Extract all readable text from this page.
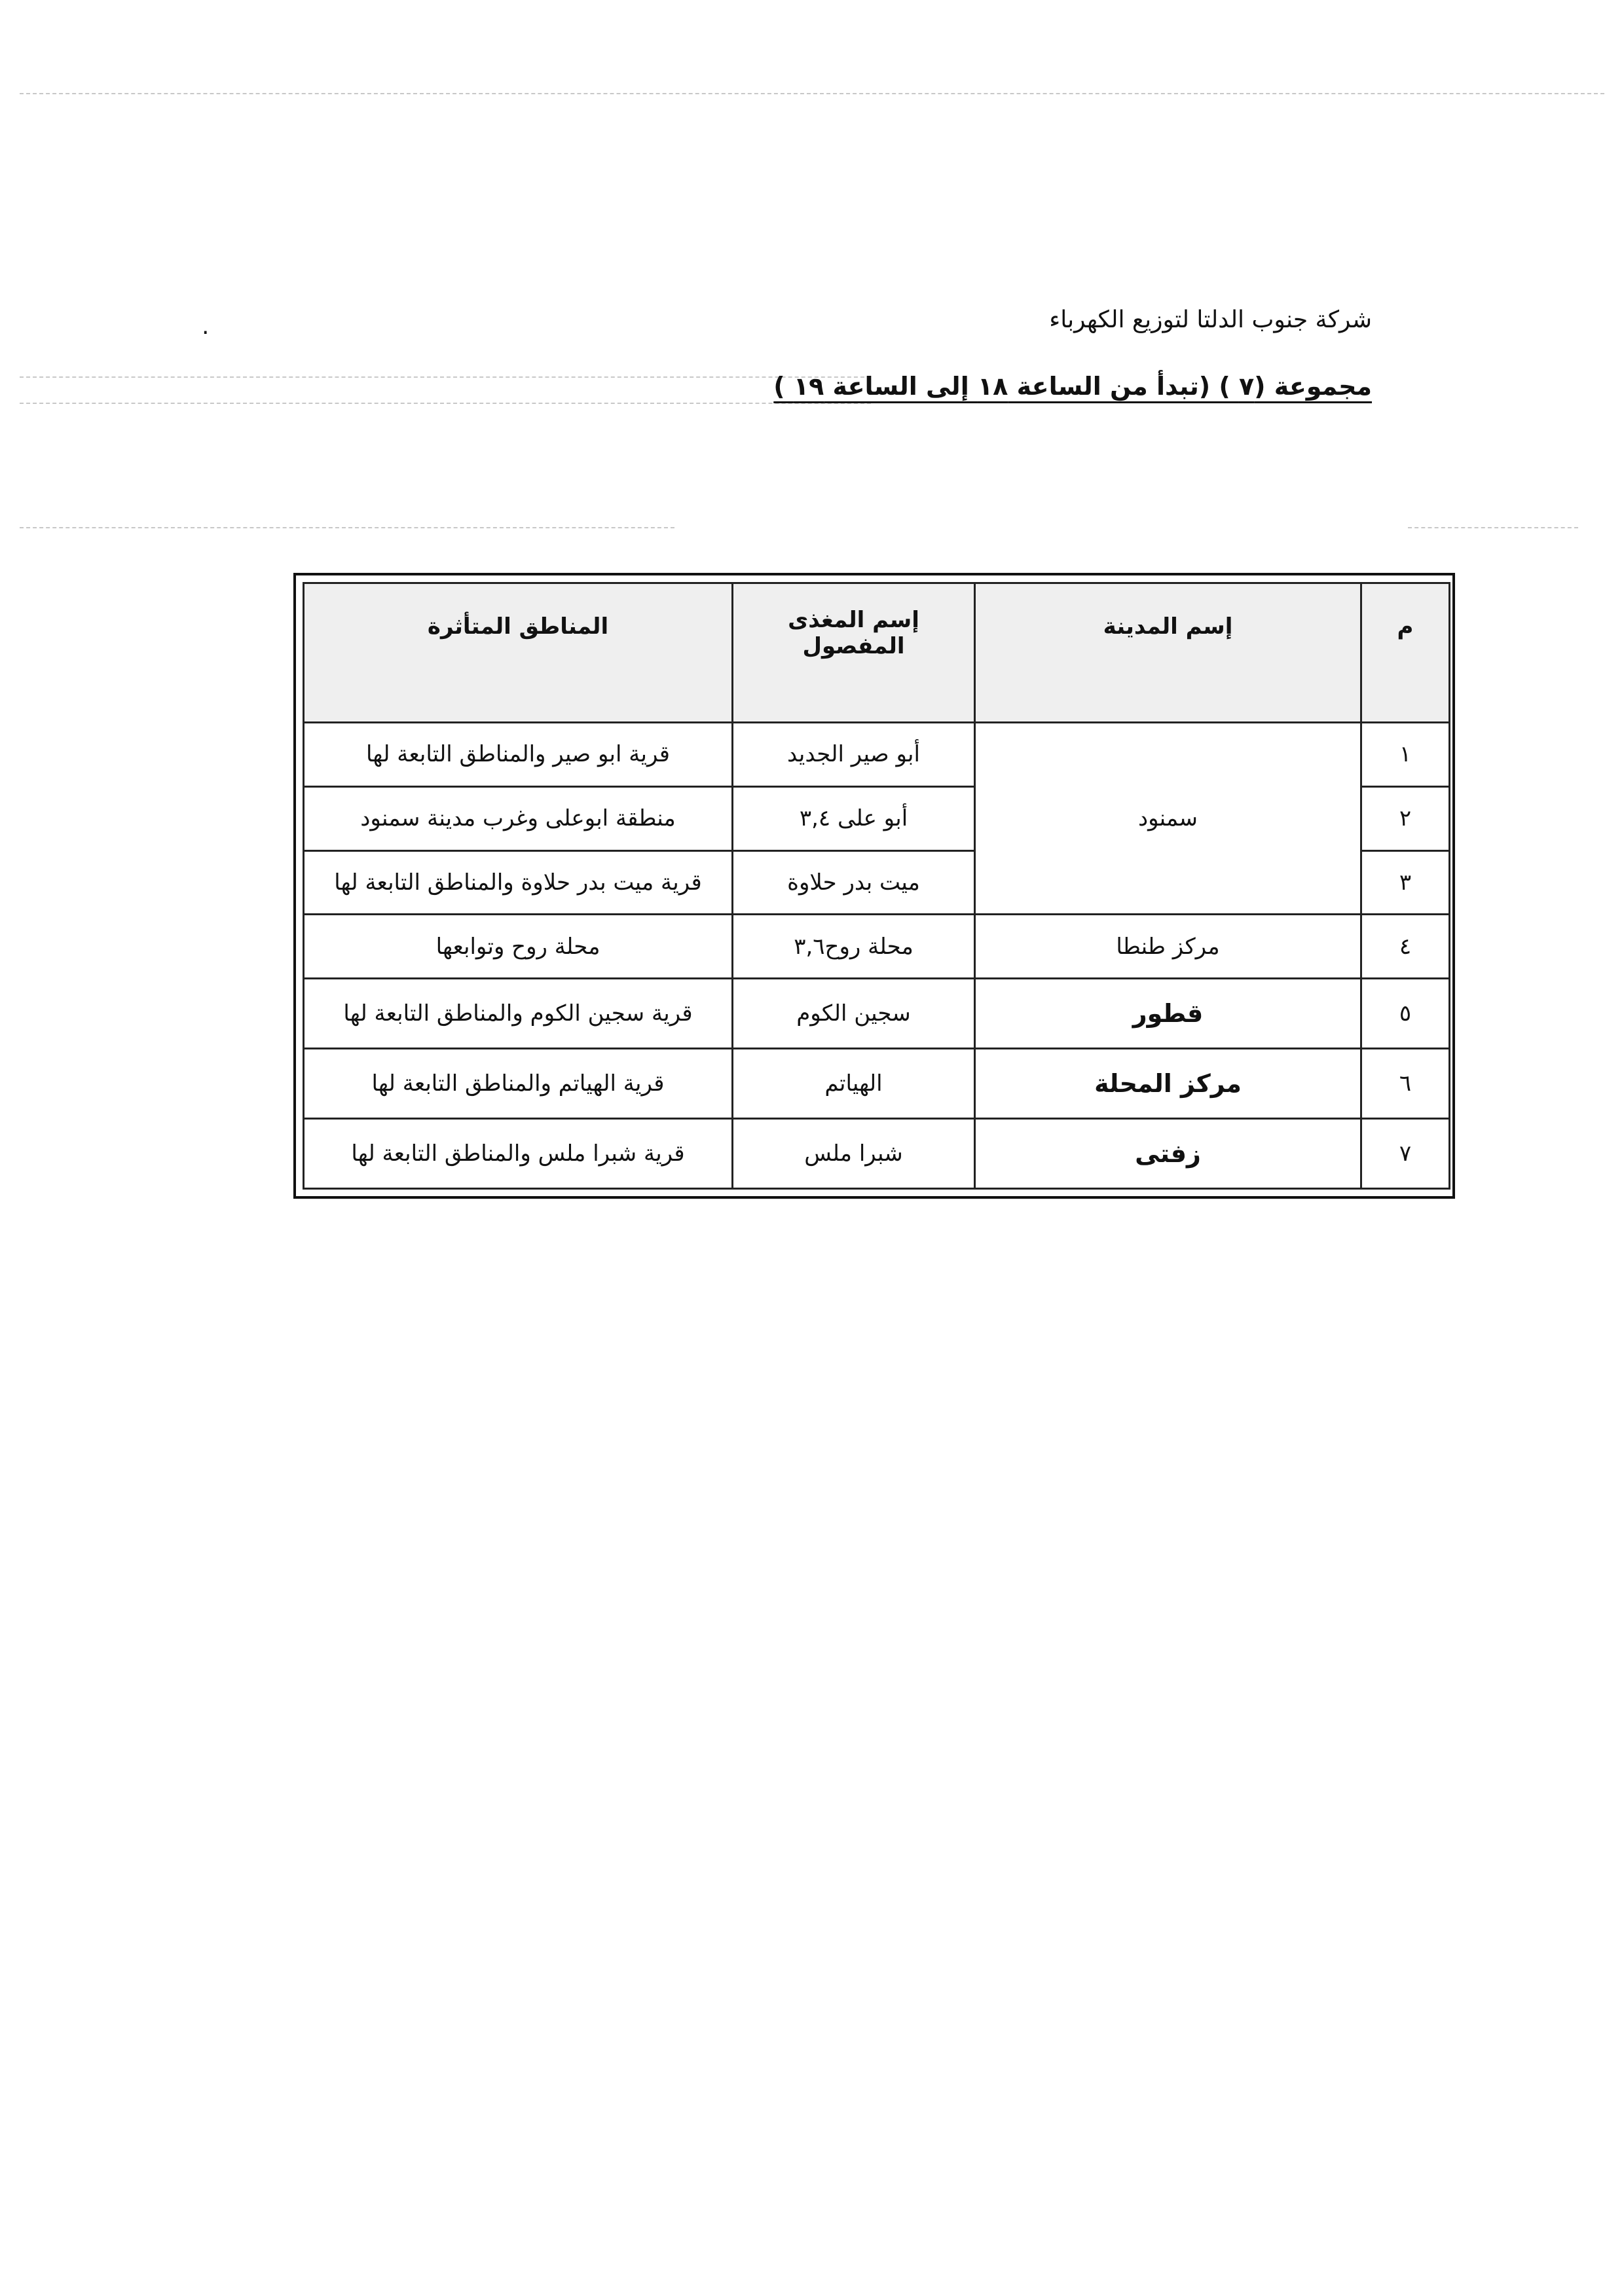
شركة جنوب الدلتا لتوزيع الكهرباء
.
مجموعة (٧ ) (تبدأ من الساعة ١٨ إلى الساعة ١٩ )
م	إسم المدينة	إسم المغذى المفصول	المناطق المتأثرة

١	سمنود	أبو صير الجديد	قرية ابو صير والمناطق التابعة لها
٢		أبو على ٣,٤	منطقة ابوعلى وغرب مدينة سمنود
٣		ميت بدر حلاوة	قرية ميت بدر حلاوة والمناطق التابعة لها
٤	مركز طنطا	محلة روح٣,٦	محلة روح وتوابعها
٥	قطور	سجين الكوم	قرية سجين الكوم والمناطق التابعة لها
٦	مركز المحلة	الهياتم	قرية الهياتم والمناطق التابعة لها
٧	زفتى	شبرا ملس	قرية شبرا ملس والمناطق التابعة لها
